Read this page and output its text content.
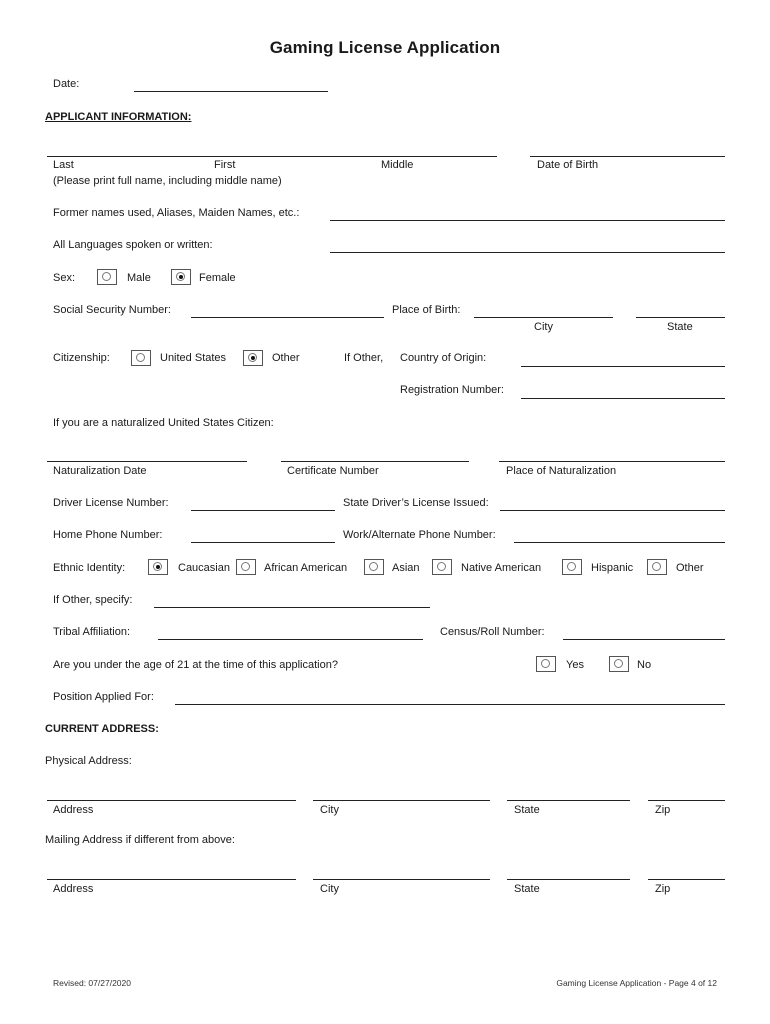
Gaming License Application
Date:
APPLICANT INFORMATION:
Last	First	Middle	Date of Birth
(Please print full name, including middle name)
Former names used, Aliases, Maiden Names, etc.:
All Languages spoken or written:
Sex:	Male	Female
Social Security Number:	Place of Birth:
City	State
Citizenship:	United States	Other	If Other, Country of Origin:
Registration Number:
If you are a naturalized United States Citizen:
Naturalization Date	Certificate Number	Place of Naturalization
Driver License Number:	State Driver’s License Issued:
Home Phone Number:	Work/Alternate Phone Number:
Ethnic Identity:	Caucasian	African American	Asian	Native American	Hispanic	Other
If Other, specify:
Tribal Affiliation:	Census/Roll Number:
Are you under the age of 21 at the time of this application?	Yes	No
Position Applied For:
CURRENT ADDRESS:
Physical Address:
Address	City	State	Zip
Mailing Address if different from above:
Address	City	State	Zip
Revised: 07/27/2020	Gaming License Application - Page 4 of 12
